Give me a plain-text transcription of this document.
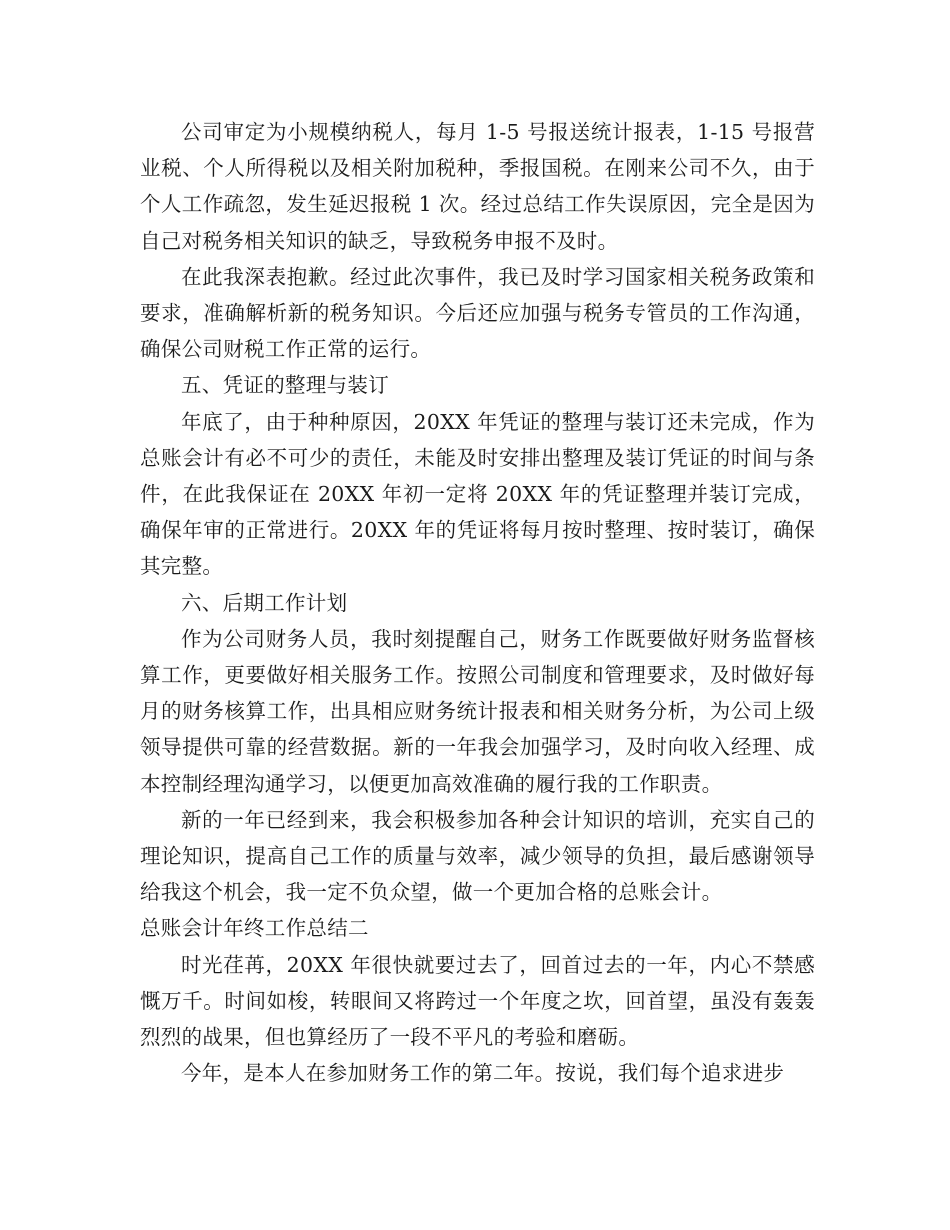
公司审定为小规模纳税人，每月 1-5 号报送统计报表，1-15 号报营业税、个人所得税以及相关附加税种，季报国税。在刚来公司不久，由于个人工作疏忽，发生延迟报税 1 次。经过总结工作失误原因，完全是因为自己对税务相关知识的缺乏，导致税务申报不及时。

在此我深表抱歉。经过此次事件，我已及时学习国家相关税务政策和要求，准确解析新的税务知识。今后还应加强与税务专管员的工作沟通，确保公司财税工作正常的运行。

五、凭证的整理与装订

年底了，由于种种原因，20XX 年凭证的整理与装订还未完成，作为总账会计有必不可少的责任，未能及时安排出整理及装订凭证的时间与条件，在此我保证在 20XX 年初一定将 20XX 年的凭证整理并装订完成，确保年审的正常进行。20XX 年的凭证将每月按时整理、按时装订，确保其完整。

六、后期工作计划

作为公司财务人员，我时刻提醒自己，财务工作既要做好财务监督核算工作，更要做好相关服务工作。按照公司制度和管理要求，及时做好每月的财务核算工作，出具相应财务统计报表和相关财务分析，为公司上级领导提供可靠的经营数据。新的一年我会加强学习，及时向收入经理、成本控制经理沟通学习，以便更加高效准确的履行我的工作职责。

新的一年已经到来，我会积极参加各种会计知识的培训，充实自己的理论知识，提高自己工作的质量与效率，减少领导的负担，最后感谢领导给我这个机会，我一定不负众望，做一个更加合格的总账会计。

总账会计年终工作总结二

时光荏苒，20XX 年很快就要过去了，回首过去的一年，内心不禁感慨万千。时间如梭，转眼间又将跨过一个年度之坎，回首望，虽没有轰轰烈烈的战果，但也算经历了一段不平凡的考验和磨砺。

今年，是本人在参加财务工作的第二年。按说，我们每个追求进步
